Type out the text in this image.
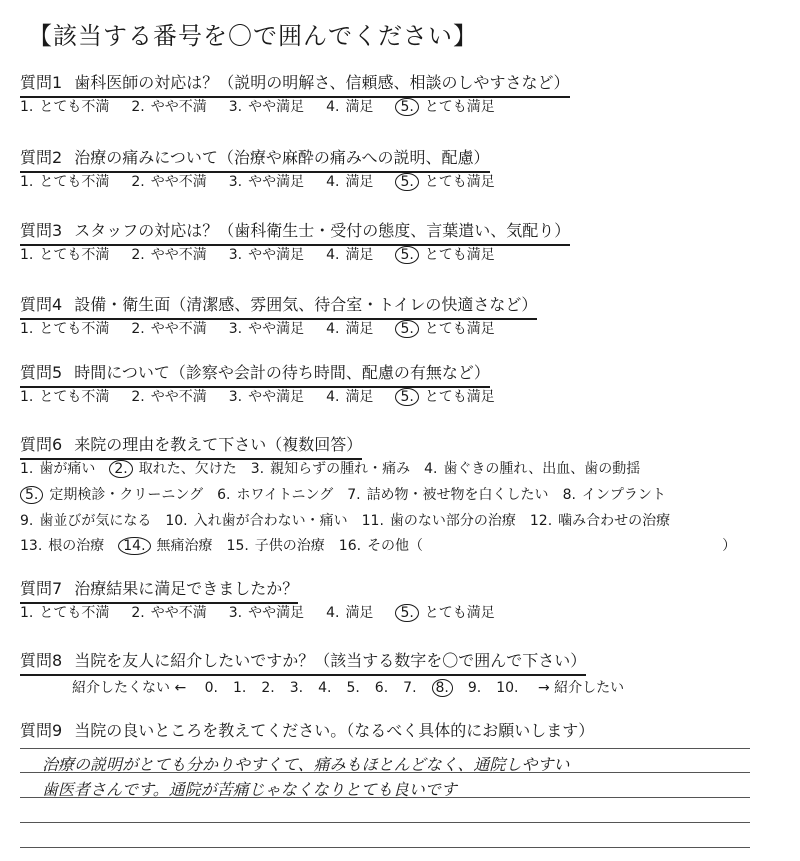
【該当する番号を〇で囲んでください】
質問1 歯科医師の対応は？（説明の明解さ、信頼感、相談のしやすさなど）
1. とても不満 2. やや不満 3. やや満足 4. 満足 5. とても満足
質問2 治療の痛みについて（治療や麻酔の痛みへの説明、配慮）
1. とても不満 2. やや不満 3. やや満足 4. 満足 5. とても満足
質問3 スタッフの対応は？（歯科衛生士・受付の態度、言葉遣い、気配り）
1. とても不満 2. やや不満 3. やや満足 4. 満足 5. とても満足
質問4 設備・衛生面（清潔感、雰囲気、待合室・トイレの快適さなど）
1. とても不満 2. やや不満 3. やや満足 4. 満足 5. とても満足
質問5 時間について（診察や会計の待ち時間、配慮の有無など）
1. とても不満 2. やや不満 3. やや満足 4. 満足 5. とても満足
質問6 来院の理由を教えて下さい（複数回答）
1. 歯が痛い 2. 取れた、欠けた 3. 親知らずの腫れ・痛み 4. 歯ぐきの腫れ、出血、歯の動揺
5. 定期検診・クリーニング 6. ホワイトニング 7. 詰め物・被せ物を白くしたい 8. インプラント
9. 歯並びが気になる 10. 入れ歯が合わない・痛い 11. 歯のない部分の治療 12. 噛み合わせの治療
13. 根の治療 14. 無痛治療 15. 子供の治療 16. その他（	）
質問7 治療結果に満足できましたか？
1. とても不満 2. やや不満 3. やや満足 4. 満足 5. とても満足
質問8 当院を友人に紹介したいですか？（該当する数字を〇で囲んで下さい）
紹介したくない ← 0. 1. 2. 3. 4. 5. 6. 7. 8. 9. 10. → 紹介したい
質問9 当院の良いところを教えてください。（なるべく具体的にお願いします）
治療の説明がとても分かりやすくて、痛みもほとんどなく、通院しやすい
歯医者さんです。通院が苦痛じゃなくなりとても良いです
